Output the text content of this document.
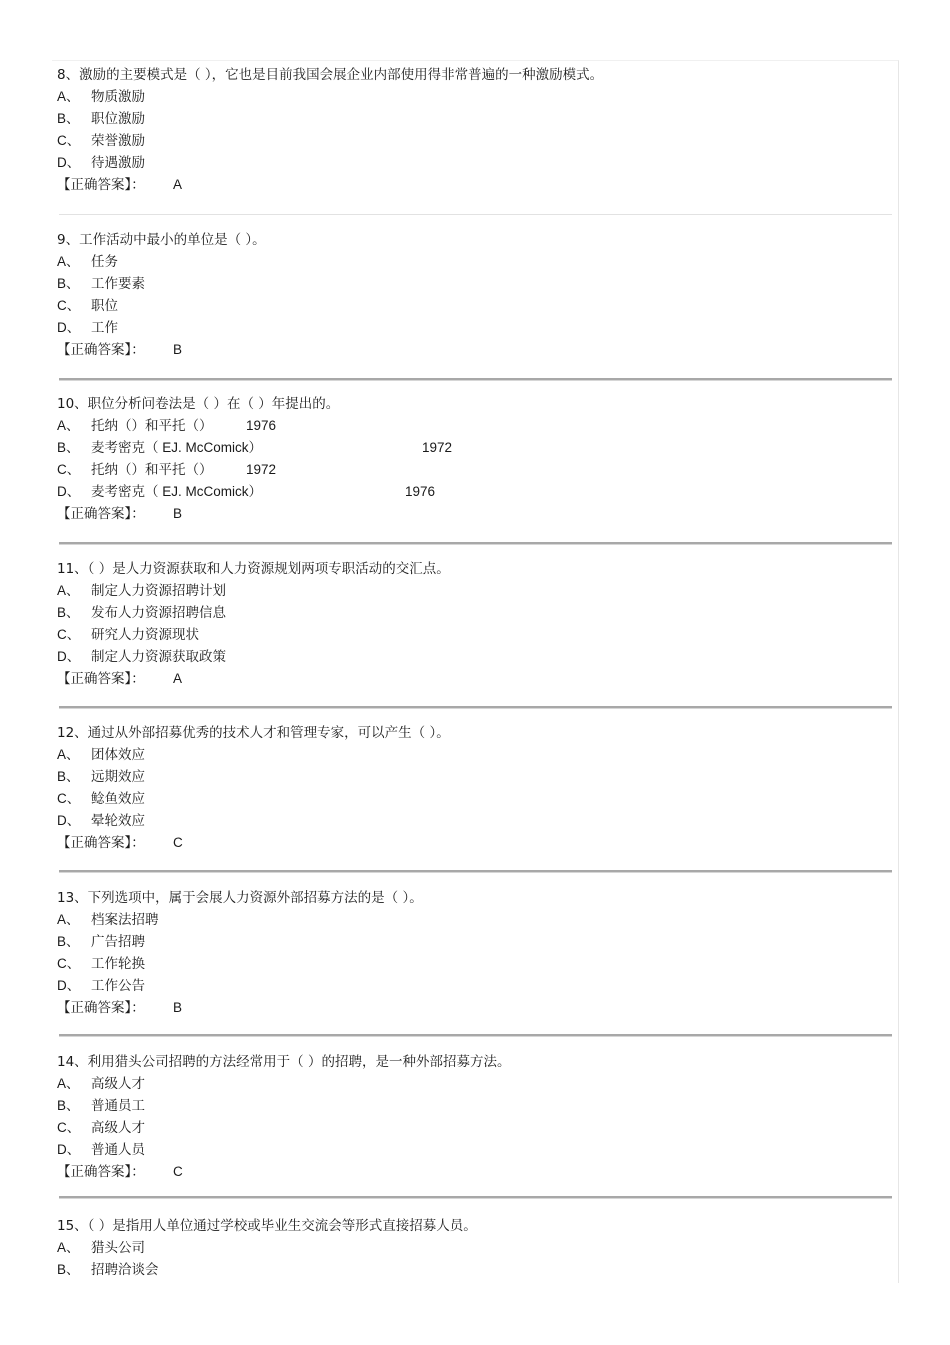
8、激励的主要模式是（ ），它也是目前我国会展企业内部使用得非常普遍的一种激励模式。
A、 物质激励
B、 职位激励
C、 荣誉激励
D、 待遇激励
【正确答案】： A
9、工作活动中最小的单位是（ ）。
A、 任务
B、 工作要素
C、 职位
D、 工作
【正确答案】： B
10、职位分析问卷法是（ ）在（ ）年提出的。
A、 托纳（）和平托（） 1976
B、 麦考密克（ EJ. McComick）	1972
C、 托纳（）和平托（） 1972
D、 麦考密克（ EJ. McComick）	1976
【正确答案】： B
11、（ ）是人力资源获取和人力资源规划两项专职活动的交汇点。
A、 制定人力资源招聘计划
B、 发布人力资源招聘信息
C、 研究人力资源现状
D、 制定人力资源获取政策
【正确答案】： A
12、通过从外部招募优秀的技术人才和管理专家，可以产生（ ）。
A、 团体效应
B、 远期效应
C、 鲶鱼效应
D、 晕轮效应
【正确答案】： C
13、下列选项中，属于会展人力资源外部招募方法的是（ ）。
A、 档案法招聘
B、 广告招聘
C、 工作轮换
D、 工作公告
【正确答案】： B
14、利用猎头公司招聘的方法经常用于（ ）的招聘，是一种外部招募方法。
A、 高级人才
B、 普通员工
C、 高级人才
D、 普通人员
【正确答案】： C
15、（ ）是指用人单位通过学校或毕业生交流会等形式直接招募人员。
A、 猎头公司
B、 招聘洽谈会
